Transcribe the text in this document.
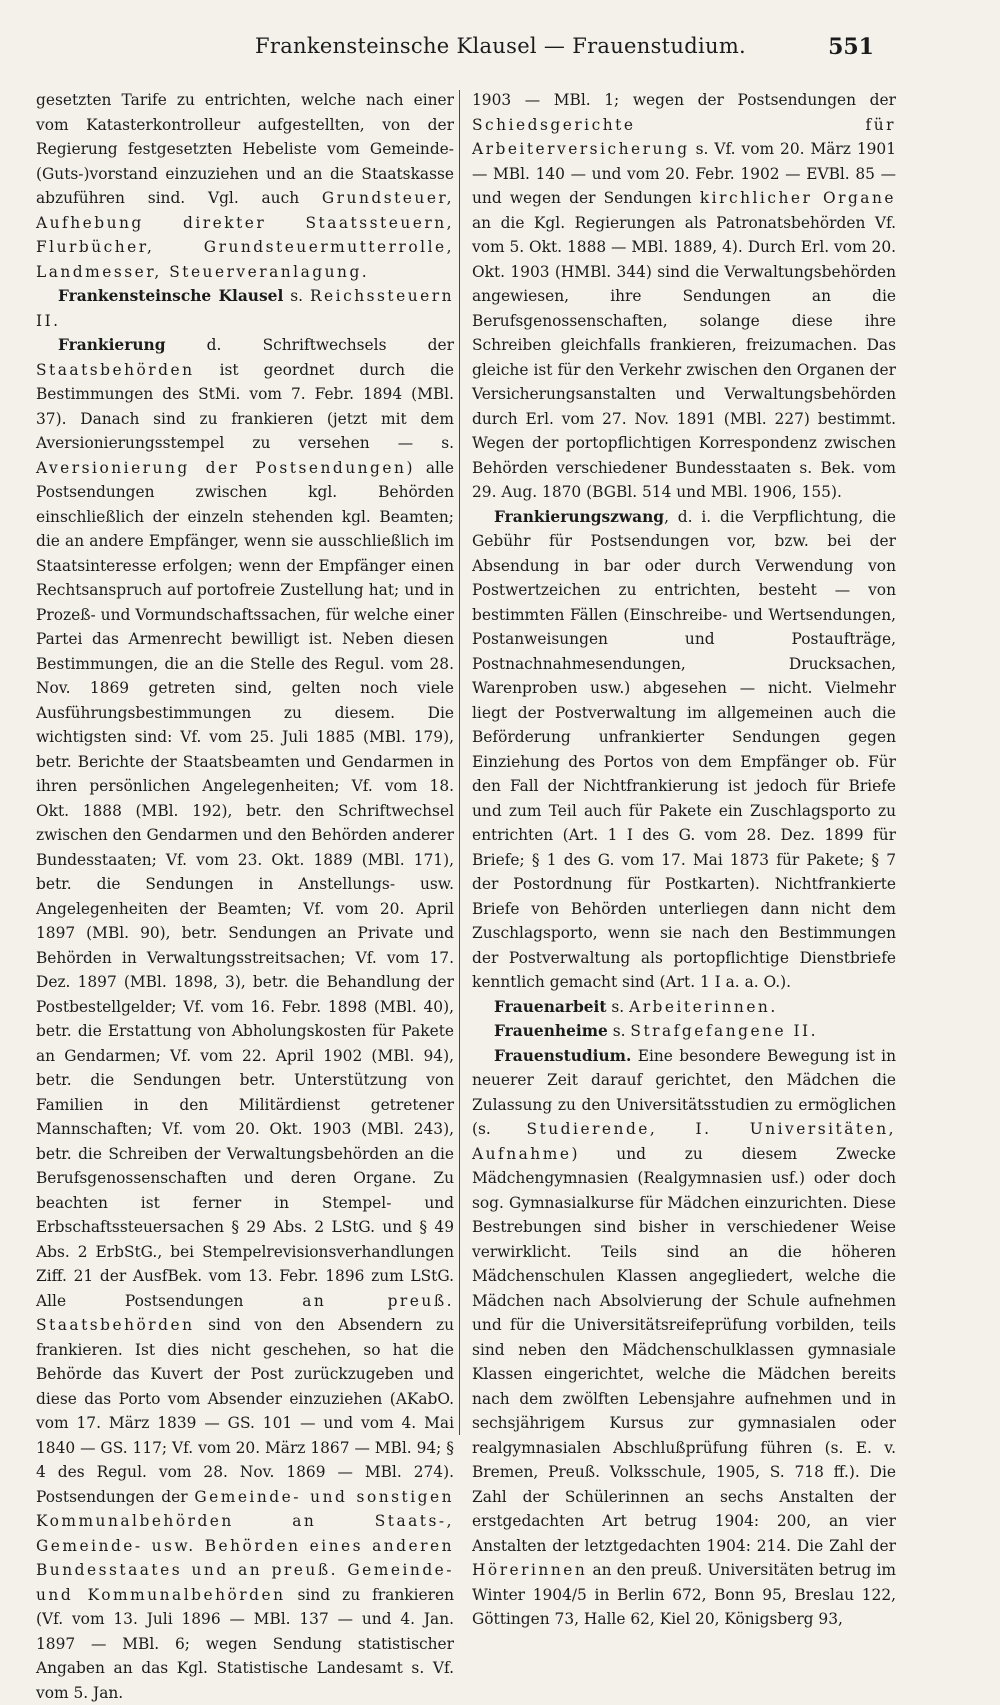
Frankensteinsche Klausel — Frauenstudium.	551

gesetzten Tarife zu entrichten, welche nach einer vom Katasterkontrolleur aufgestellten, von der Regierung festgesetzten Hebeliste vom Gemeinde- (Guts-)vorstand einzuziehen und an die Staatskasse abzuführen sind. Vgl. auch Grundsteuer, Aufhebung direkter Staatssteuern, Flurbücher, Grundsteuermutterrolle, Landmesser, Steuerveranlagung.

Frankensteinsche Klausel s. Reichssteuern II.

Frankierung d. Schriftwechsels der Staatsbehörden ist geordnet durch die Bestimmungen des StMi. vom 7. Febr. 1894 (MBl. 37). Danach sind zu frankieren (jetzt mit dem Aversionierungsstempel zu versehen — s. Aversionierung der Postsendungen) alle Postsendungen zwischen kgl. Behörden einschließlich der einzeln stehenden kgl. Beamten; die an andere Empfänger, wenn sie ausschließlich im Staatsinteresse erfolgen; wenn der Empfänger einen Rechtsanspruch auf portofreie Zustellung hat; und in Prozeß- und Vormundschaftssachen, für welche einer Partei das Armenrecht bewilligt ist. Neben diesen Bestimmungen, die an die Stelle des Regul. vom 28. Nov. 1869 getreten sind, gelten noch viele Ausführungsbestimmungen zu diesem. Die wichtigsten sind: Vf. vom 25. Juli 1885 (MBl. 179), betr. Berichte der Staatsbeamten und Gendarmen in ihren persönlichen Angelegenheiten; Vf. vom 18. Okt. 1888 (MBl. 192), betr. den Schriftwechsel zwischen den Gendarmen und den Behörden anderer Bundesstaaten; Vf. vom 23. Okt. 1889 (MBl. 171), betr. die Sendungen in Anstellungs- usw. Angelegenheiten der Beamten; Vf. vom 20. April 1897 (MBl. 90), betr. Sendungen an Private und Behörden in Verwaltungsstreitsachen; Vf. vom 17. Dez. 1897 (MBl. 1898, 3), betr. die Behandlung der Postbestellgelder; Vf. vom 16. Febr. 1898 (MBl. 40), betr. die Erstattung von Abholungskosten für Pakete an Gendarmen; Vf. vom 22. April 1902 (MBl. 94), betr. die Sendungen betr. Unterstützung von Familien in den Militärdienst getretener Mannschaften; Vf. vom 20. Okt. 1903 (MBl. 243), betr. die Schreiben der Verwaltungsbehörden an die Berufsgenossenschaften und deren Organe. Zu beachten ist ferner in Stempel- und Erbschaftssteuersachen § 29 Abs. 2 LStG. und § 49 Abs. 2 ErbStG., bei Stempelrevisionsverhandlungen Ziff. 21 der AusfBek. vom 13. Febr. 1896 zum LStG. Alle Postsendungen an preuß. Staatsbehörden sind von den Absendern zu frankieren. Ist dies nicht geschehen, so hat die Behörde das Kuvert der Post zurückzugeben und diese das Porto vom Absender einzuziehen (AKabO. vom 17. März 1839 — GS. 101 — und vom 4. Mai 1840 — GS. 117; Vf. vom 20. März 1867 — MBl. 94; § 4 des Regul. vom 28. Nov. 1869 — MBl. 274). Postsendungen der Gemeinde- und sonstigen Kommunalbehörden an Staats-, Gemeinde- usw. Behörden eines anderen Bundesstaates und an preuß. Gemeinde- und Kommunalbehörden sind zu frankieren (Vf. vom 13. Juli 1896 — MBl. 137 — und 4. Jan. 1897 — MBl. 6; wegen Sendung statistischer Angaben an das Kgl. Statistische Landesamt s. Vf. vom 5. Jan.

1903 — MBl. 1; wegen der Postsendungen der Schiedsgerichte für Arbeiterversicherung s. Vf. vom 20. März 1901 — MBl. 140 — und vom 20. Febr. 1902 — EVBl. 85 — und wegen der Sendungen kirchlicher Organe an die Kgl. Regierungen als Patronatsbehörden Vf. vom 5. Okt. 1888 — MBl. 1889, 4). Durch Erl. vom 20. Okt. 1903 (HMBl. 344) sind die Verwaltungsbehörden angewiesen, ihre Sendungen an die Berufsgenossenschaften, solange diese ihre Schreiben gleichfalls frankieren, freizumachen. Das gleiche ist für den Verkehr zwischen den Organen der Versicherungsanstalten und Verwaltungsbehörden durch Erl. vom 27. Nov. 1891 (MBl. 227) bestimmt. Wegen der portopflichtigen Korrespondenz zwischen Behörden verschiedener Bundesstaaten s. Bek. vom 29. Aug. 1870 (BGBl. 514 und MBl. 1906, 155).

Frankierungszwang, d. i. die Verpflichtung, die Gebühr für Postsendungen vor, bzw. bei der Absendung in bar oder durch Verwendung von Postwertzeichen zu entrichten, besteht — von bestimmten Fällen (Einschreibe- und Wertsendungen, Postanweisungen und Postaufträge, Postnachnahmesendungen, Drucksachen, Warenproben usw.) abgesehen — nicht. Vielmehr liegt der Postverwaltung im allgemeinen auch die Beförderung unfrankierter Sendungen gegen Einziehung des Portos von dem Empfänger ob. Für den Fall der Nichtfrankierung ist jedoch für Briefe und zum Teil auch für Pakete ein Zuschlagsporto zu entrichten (Art. 1 I des G. vom 28. Dez. 1899 für Briefe; § 1 des G. vom 17. Mai 1873 für Pakete; § 7 der Postordnung für Postkarten). Nichtfrankierte Briefe von Behörden unterliegen dann nicht dem Zuschlagsporto, wenn sie nach den Bestimmungen der Postverwaltung als portopflichtige Dienstbriefe kenntlich gemacht sind (Art. 1 I a. a. O.).

Frauenarbeit s. Arbeiterinnen.

Frauenheime s. Strafgefangene II.

Frauenstudium. Eine besondere Bewegung ist in neuerer Zeit darauf gerichtet, den Mädchen die Zulassung zu den Universitätsstudien zu ermöglichen (s. Studierende, I. Universitäten, Aufnahme) und zu diesem Zwecke Mädchengymnasien (Realgymnasien usf.) oder doch sog. Gymnasialkurse für Mädchen einzurichten. Diese Bestrebungen sind bisher in verschiedener Weise verwirklicht. Teils sind an die höheren Mädchenschulen Klassen angegliedert, welche die Mädchen nach Absolvierung der Schule aufnehmen und für die Universitätsreifeprüfung vorbilden, teils sind neben den Mädchenschulklassen gymnasiale Klassen eingerichtet, welche die Mädchen bereits nach dem zwölften Lebensjahre aufnehmen und in sechsjährigem Kursus zur gymnasialen oder realgymnasialen Abschlußprüfung führen (s. E. v. Bremen, Preuß. Volksschule, 1905, S. 718 ff.). Die Zahl der Schülerinnen an sechs Anstalten der erstgedachten Art betrug 1904: 200, an vier Anstalten der letztgedachten 1904: 214. Die Zahl der Hörerinnen an den preuß. Universitäten betrug im Winter 1904/5 in Berlin 672, Bonn 95, Breslau 122, Göttingen 73, Halle 62, Kiel 20, Königsberg 93,
